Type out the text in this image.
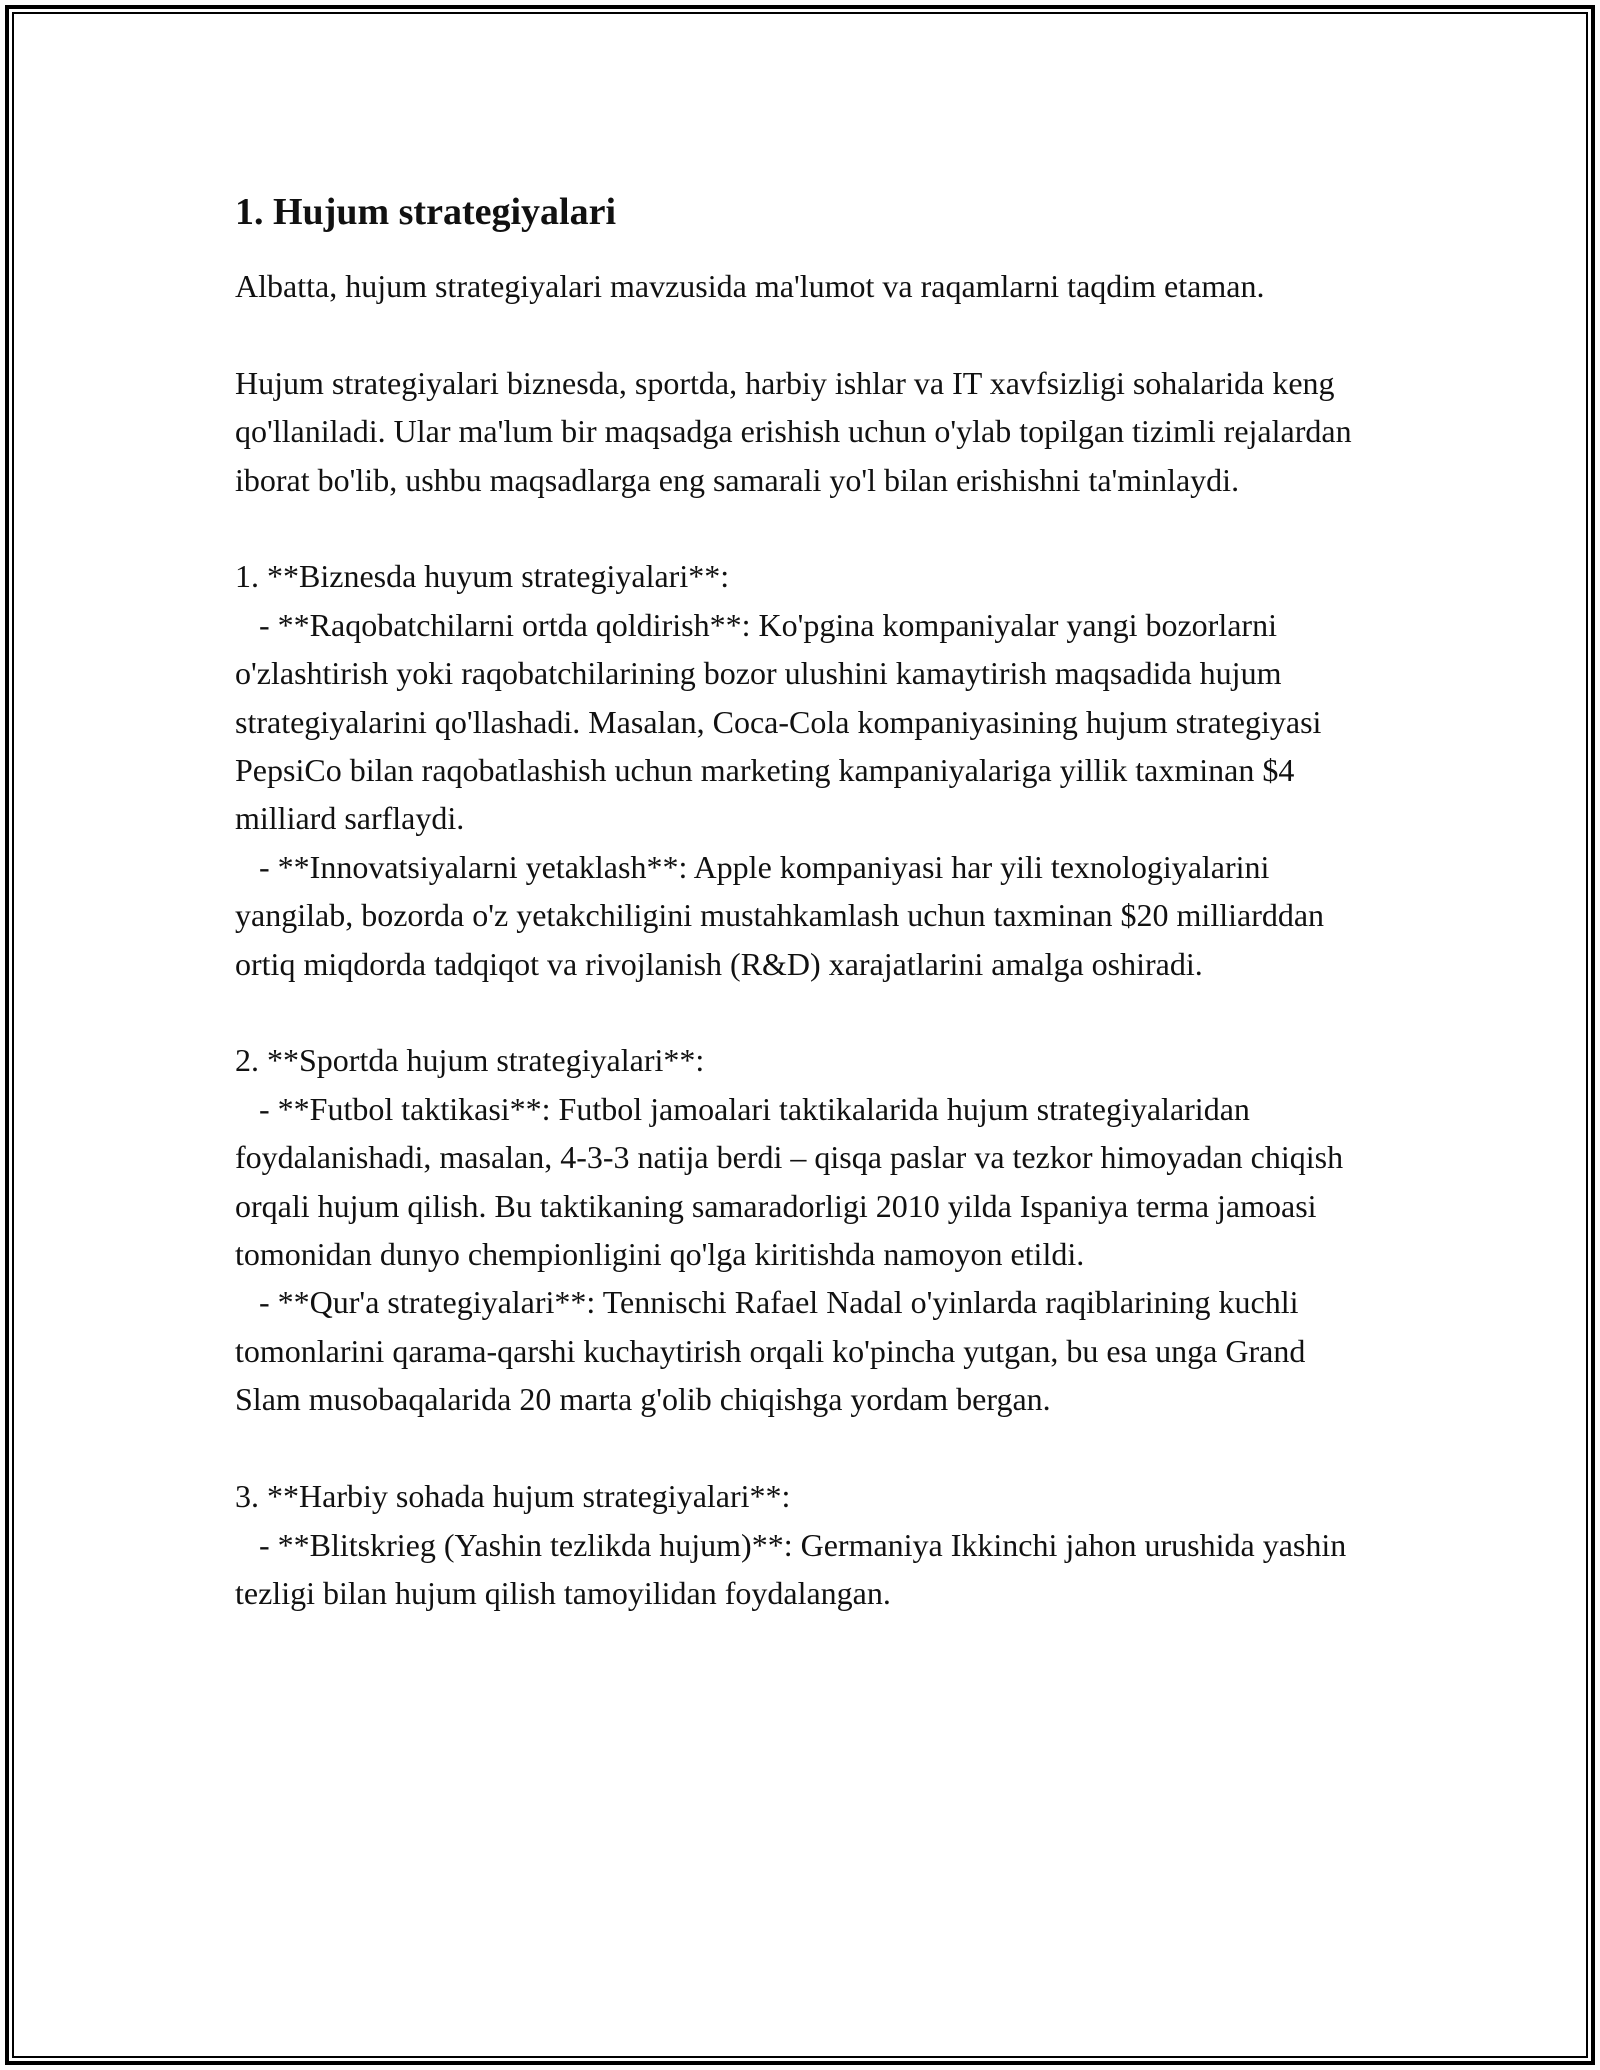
1. Hujum strategiyalari

Albatta, hujum strategiyalari mavzusida ma'lumot va raqamlarni taqdim etaman.

Hujum strategiyalari biznesda, sportda, harbiy ishlar va IT xavfsizligi sohalarida keng qo'llaniladi. Ular ma'lum bir maqsadga erishish uchun o'ylab topilgan tizimli rejalardan iborat bo'lib, ushbu maqsadlarga eng samarali yo'l bilan erishishni ta'minlaydi.

1. **Biznesda huyum strategiyalari**:

- **Raqobatchilarni ortda qoldirish**: Ko'pgina kompaniyalar yangi bozorlarni o'zlashtirish yoki raqobatchilarining bozor ulushini kamaytirish maqsadida hujum strategiyalarini qo'llashadi. Masalan, Coca-Cola kompaniyasining hujum strategiyasi PepsiCo bilan raqobatlashish uchun marketing kampaniyalariga yillik taxminan $4 milliard sarflaydi.

- **Innovatsiyalarni yetaklash**: Apple kompaniyasi har yili texnologiyalarini yangilab, bozorda o'z yetakchiligini mustahkamlash uchun taxminan $20 milliarddan ortiq miqdorda tadqiqot va rivojlanish (R&D) xarajatlarini amalga oshiradi.

2. **Sportda hujum strategiyalari**:

- **Futbol taktikasi**: Futbol jamoalari taktikalarida hujum strategiyalaridan foydalanishadi, masalan, 4-3-3 natija berdi – qisqa paslar va tezkor himoyadan chiqish orqali hujum qilish. Bu taktikaning samaradorligi 2010 yilda Ispaniya terma jamoasi tomonidan dunyo chempionligini qo'lga kiritishda namoyon etildi.

- **Qur'a strategiyalari**: Tennischi Rafael Nadal o'yinlarda raqiblarining kuchli tomonlarini qarama-qarshi kuchaytirish orqali ko'pincha yutgan, bu esa unga Grand Slam musobaqalarida 20 marta g'olib chiqishga yordam bergan.

3. **Harbiy sohada hujum strategiyalari**:

- **Blitskrieg (Yashin tezlikda hujum)**: Germaniya Ikkinchi jahon urushida yashin tezligi bilan hujum qilish tamoyilidan foydalangan.
